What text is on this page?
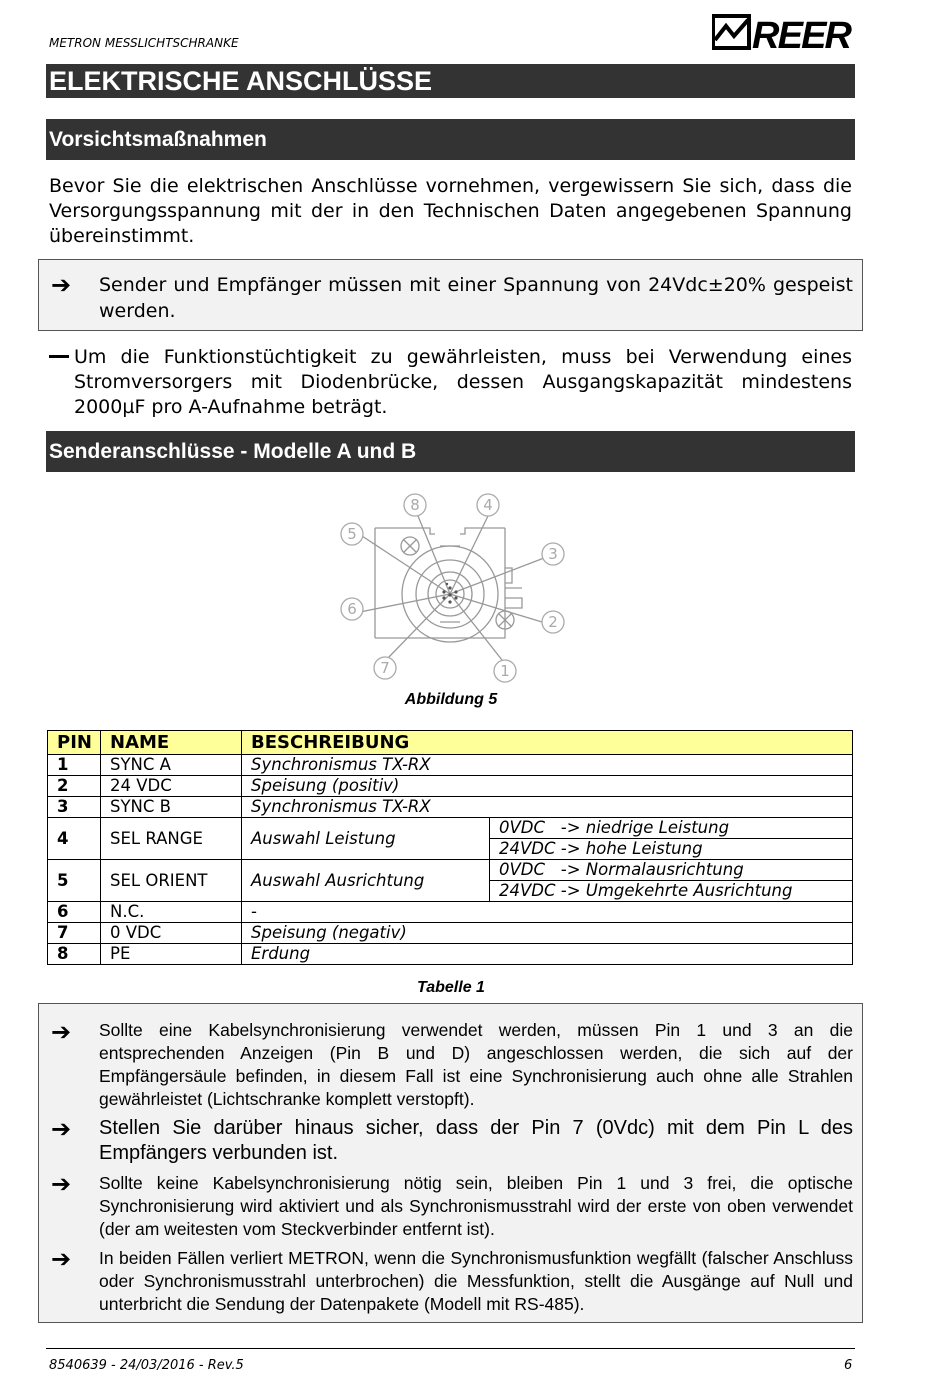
METRON MESSLICHTSCHRANKE	REER
ELEKTRISCHE ANSCHLÜSSE
Vorsichtsmaßnahmen
Bevor Sie die elektrischen Anschlüsse vornehmen, vergewissern Sie sich, dass die Versorgungsspannung mit der in den Technischen Daten angegebenen Spannung übereinstimmt.
➔ Sender und Empfänger müssen mit einer Spannung von 24Vdc±20% gespeist werden.
Um die Funktionstüchtigkeit zu gewährleisten, muss bei Verwendung eines Stromversorgers mit Diodenbrücke, dessen Ausgangskapazität mindestens 2000µF pro A-Aufnahme beträgt.
Senderanschlüsse - Modelle A und B
8	4
5
3
6
2
7	1
Abbildung 5
PIN	NAME	BESCHREIBUNG	
1	SYNC A	Synchronismus TX-RX	
2	24 VDC	Speisung (positiv)	
3	SYNC B	Synchronismus TX-RX	
4	SEL RANGE	Auswahl Leistung	0VDC   -> niedrige Leistung
			24VDC -> hohe Leistung
5	SEL ORIENT	Auswahl Ausrichtung	0VDC   -> Normalausrichtung
			24VDC -> Umgekehrte Ausrichtung
6	N.C.	-	
7	0 VDC	Speisung (negativ)	
8	PE	Erdung	
Tabelle 1
➔ Sollte eine Kabelsynchronisierung verwendet werden, müssen Pin 1 und 3 an die entsprechenden Anzeigen (Pin B und D) angeschlossen werden, die sich auf der Empfängersäule befinden, in diesem Fall ist eine Synchronisierung auch ohne alle Strahlen gewährleistet (Lichtschranke komplett verstopft).
➔ Stellen Sie darüber hinaus sicher, dass der Pin 7 (0Vdc) mit dem Pin L des Empfängers verbunden ist.
➔ Sollte keine Kabelsynchronisierung nötig sein, bleiben Pin 1 und 3 frei, die optische Synchronisierung wird aktiviert und als Synchronismusstrahl wird der erste von oben verwendet (der am weitesten vom Steckverbinder entfernt ist).
➔ In beiden Fällen verliert METRON, wenn die Synchronismusfunktion wegfällt (falscher Anschluss oder Synchronismusstrahl unterbrochen) die Messfunktion, stellt die Ausgänge auf Null und unterbricht die Sendung der Datenpakete (Modell mit RS-485).
8540639 - 24/03/2016 - Rev.5	6
